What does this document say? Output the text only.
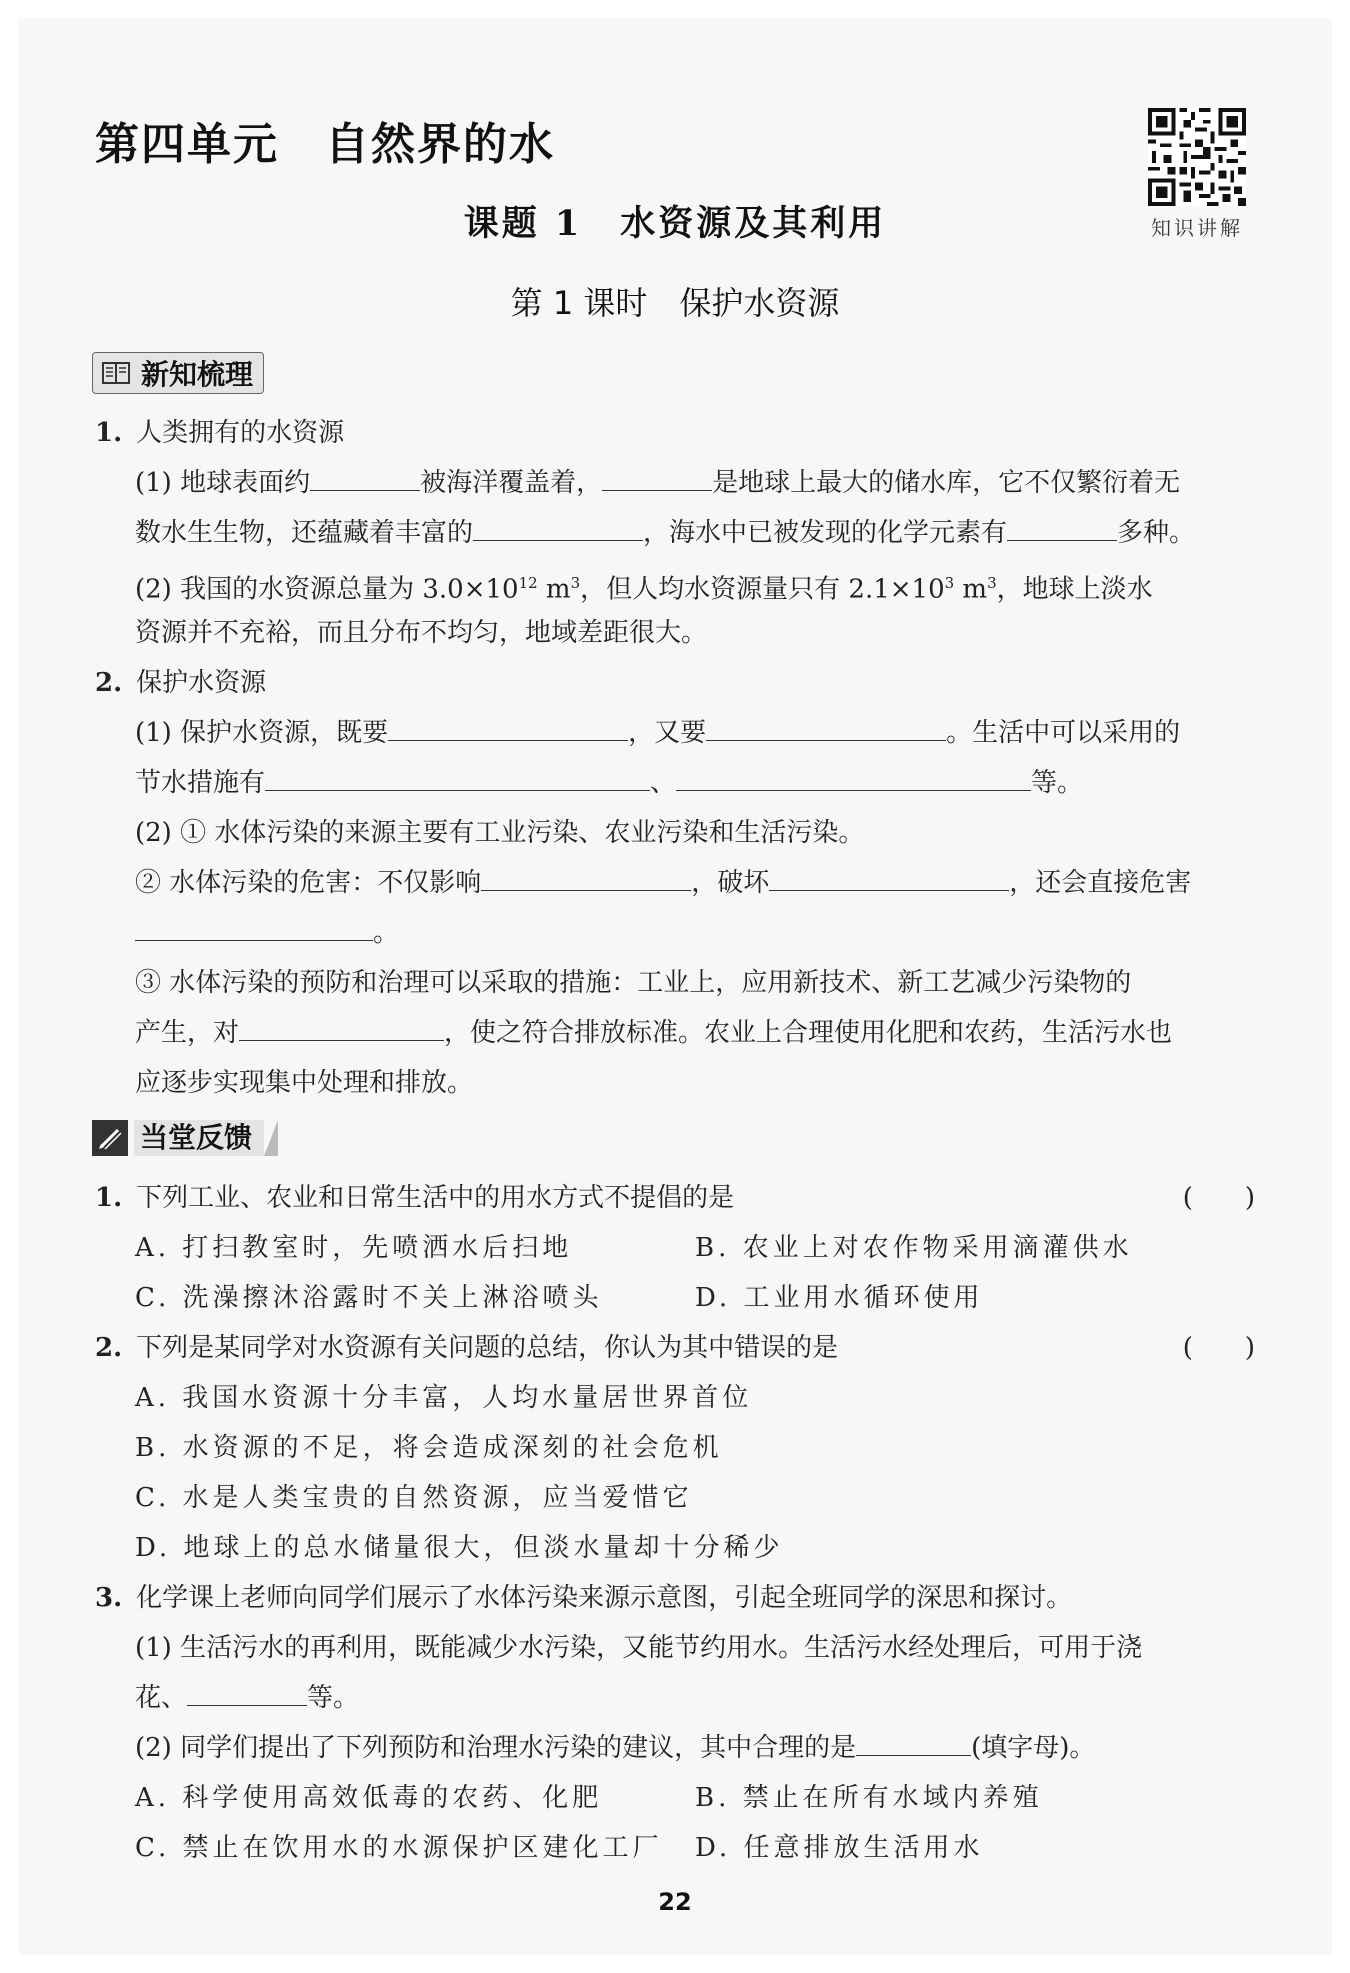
第四单元　自然界的水
知识讲解
课题 1　水资源及其利用
第 1 课时　保护水资源
新知梳理
1. 人类拥有的水资源
(1) 地球表面约	被海洋覆盖着，	是地球上最大的储水库，它不仅繁衍着无
数水生生物，还蕴藏着丰富的	，海水中已被发现的化学元素有	多种。
(2) 我国的水资源总量为 $3.0\times 10^{12}$ $m^3$，但人均水资源量只有 $2.1\times 10^3$ $m^3$，地球上淡水
资源并不充裕，而且分布不均匀，地域差距很大。
2. 保护水资源
(1) 保护水资源，既要	，又要	。生活中可以采用的
节水措施有	、	等。
(2) ① 水体污染的来源主要有工业污染、农业污染和生活污染。
② 水体污染的危害：不仅影响	，破坏	，还会直接危害
。
③ 水体污染的预防和治理可以采取的措施：工业上，应用新技术、新工艺减少污染物的
产生，对	，使之符合排放标准。农业上合理使用化肥和农药，生活污水也
应逐步实现集中处理和排放。
当堂反馈
1. 下列工业、农业和日常生活中的用水方式不提倡的是	(　　)
A. 打扫教室时，先喷洒水后扫地	B. 农业上对农作物采用滴灌供水
C. 洗澡擦沐浴露时不关上淋浴喷头	D. 工业用水循环使用
2. 下列是某同学对水资源有关问题的总结，你认为其中错误的是	(　　)
A. 我国水资源十分丰富，人均水量居世界首位
B. 水资源的不足，将会造成深刻的社会危机
C. 水是人类宝贵的自然资源，应当爱惜它
D. 地球上的总水储量很大，但淡水量却十分稀少
3. 化学课上老师向同学们展示了水体污染来源示意图，引起全班同学的深思和探讨。
(1) 生活污水的再利用，既能减少水污染，又能节约用水。生活污水经处理后，可用于浇
花、	等。
(2) 同学们提出了下列预防和治理水污染的建议，其中合理的是	(填字母)。
A. 科学使用高效低毒的农药、化肥	B. 禁止在所有水域内养殖
C. 禁止在饮用水的水源保护区建化工厂 D. 任意排放生活用水
22
